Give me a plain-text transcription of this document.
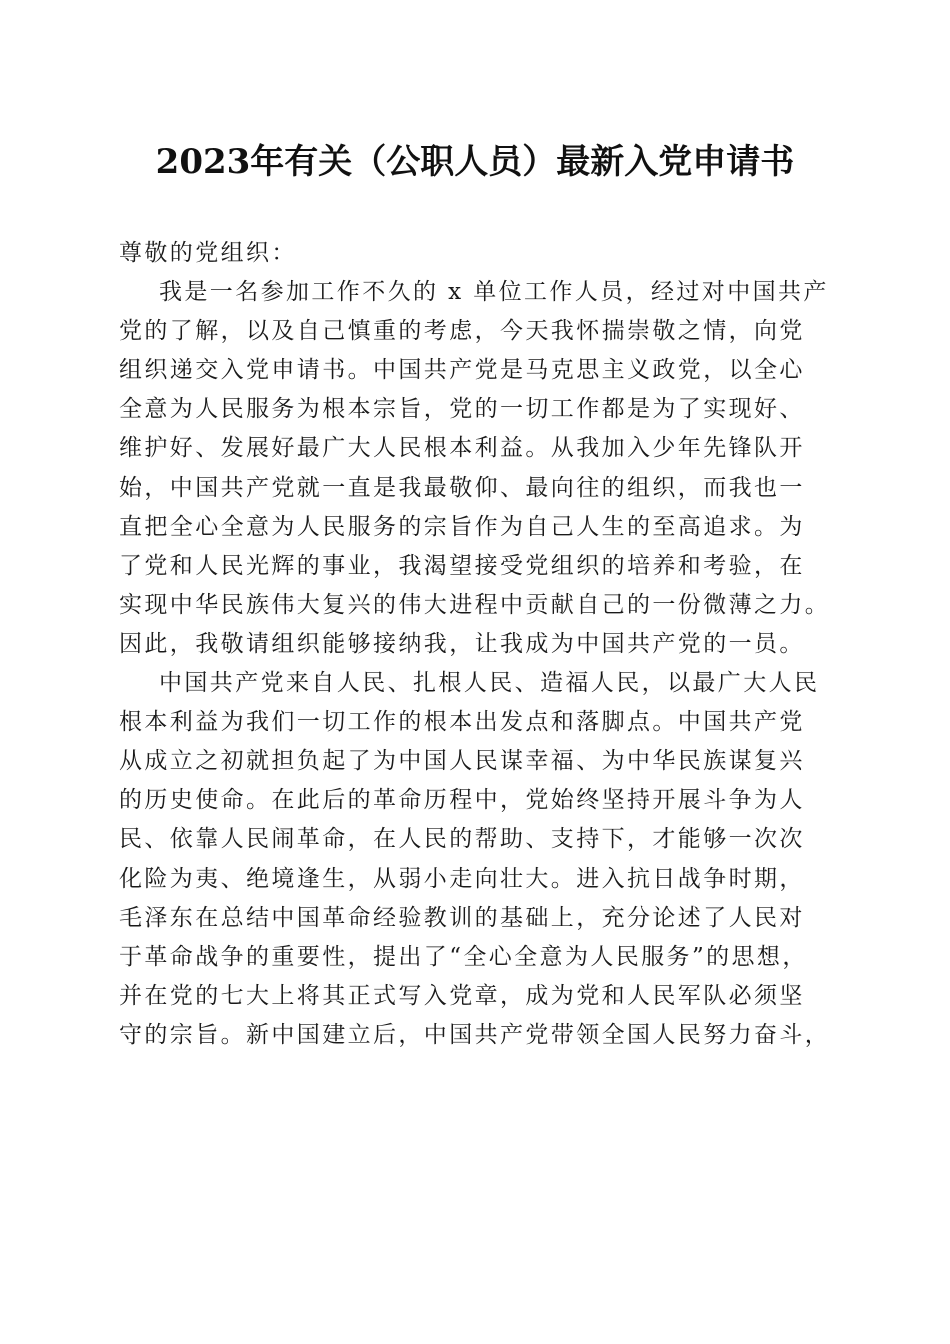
2023年有关（公职人员）最新入党申请书
尊敬的党组织：
我是一名参加工作不久的 x 单位工作人员，经过对中国共产
党的了解，以及自己慎重的考虑，今天我怀揣崇敬之情，向党
组织递交入党申请书。中国共产党是马克思主义政党，以全心
全意为人民服务为根本宗旨，党的一切工作都是为了实现好、
维护好、发展好最广大人民根本利益。从我加入少年先锋队开
始，中国共产党就一直是我最敬仰、最向往的组织，而我也一
直把全心全意为人民服务的宗旨作为自己人生的至高追求。为
了党和人民光辉的事业，我渴望接受党组织的培养和考验，在
实现中华民族伟大复兴的伟大进程中贡献自己的一份微薄之力。
因此，我敬请组织能够接纳我，让我成为中国共产党的一员。
中国共产党来自人民、扎根人民、造福人民，以最广大人民
根本利益为我们一切工作的根本出发点和落脚点。中国共产党
从成立之初就担负起了为中国人民谋幸福、为中华民族谋复兴
的历史使命。在此后的革命历程中，党始终坚持开展斗争为人
民、依靠人民闹革命，在人民的帮助、支持下，才能够一次次
化险为夷、绝境逢生，从弱小走向壮大。进入抗日战争时期，
毛泽东在总结中国革命经验教训的基础上，充分论述了人民对
于革命战争的重要性，提出了“全心全意为人民服务”的思想，
并在党的七大上将其正式写入党章，成为党和人民军队必须坚
守的宗旨。新中国建立后，中国共产党带领全国人民努力奋斗，
